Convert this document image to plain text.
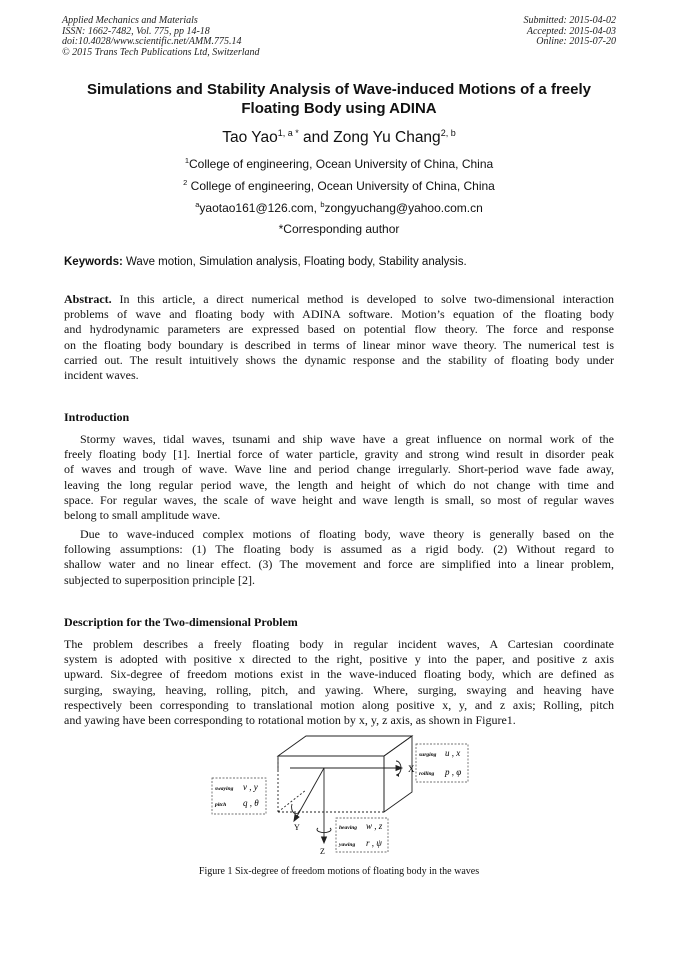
Applied Mechanics and Materials
ISSN: 1662-7482, Vol. 775, pp 14-18
doi:10.4028/www.scientific.net/AMM.775.14
© 2015 Trans Tech Publications Ltd, Switzerland
Submitted: 2015-04-02
Accepted: 2015-04-03
Online: 2015-07-20
Simulations and Stability Analysis of Wave-induced Motions of a freely
Floating Body using ADINA
Tao Yao$^{1, a *}$ and Zong Yu Chang$^{2, b}$
$^1$College of engineering, Ocean University of China, China
$^2$ College of engineering, Ocean University of China, China
$^a$yaotao161@126.com, $^b$zongyuchang@yahoo.com.cn
*Corresponding author
Keywords: Wave motion, Simulation analysis, Floating body, Stability analysis.
Abstract. In this article, a direct numerical method is developed to solve two-dimensional interaction
problems of wave and floating body with ADINA software. Motion’s equation of the floating body
and hydrodynamic parameters are expressed based on potential flow theory. The force and response
on the floating body boundary is described in terms of linear minor wave theory. The numerical test is
carried out. The result intuitively shows the dynamic response and the stability of floating body under
incident waves.
Introduction
Stormy waves, tidal waves, tsunami and ship wave have a great influence on normal work of the
freely floating body [1]. Inertial force of water particle, gravity and strong wind result in disorder peak
of waves and trough of wave. Wave line and period change irregularly. Short-period wave fade away,
leaving the long regular period wave, the length and height of which do not change with time and
space. For regular waves, the scale of wave height and wave length is small, so most of regular waves
belong to small amplitude wave.
Due to wave-induced complex motions of floating body, wave theory is generally based on the
following assumptions: (1) The floating body is assumed as a rigid body. (2) Without regard to
shallow water and no linear effect. (3) The movement and force are simplified into a linear problem,
subjected to superposition principle [2].
Description for the Two-dimensional Problem
The problem describes a freely floating body in regular incident waves, A Cartesian coordinate
system is adopted with positive x directed to the right, positive y into the paper, and positive z axis
upward. Six-degree of freedom motions exist in the wave-induced floating body, which are defined as
surging, swaying, heaving, rolling, pitch, and yawing. Where, surging, swaying and heaving have
respectively been corresponding to translational motion along positive x, y, and z axis; Rolling, pitch
and yawing have been corresponding to rotational motion by x, y, z axis, as shown in Figure1.
X
Y
Z
swaying v , y
pitch q , θ
surging u , x
rolling p , φ
heaving w , z
yawing r , ψ
Figure 1 Six-degree of freedom motions of floating body in the waves
